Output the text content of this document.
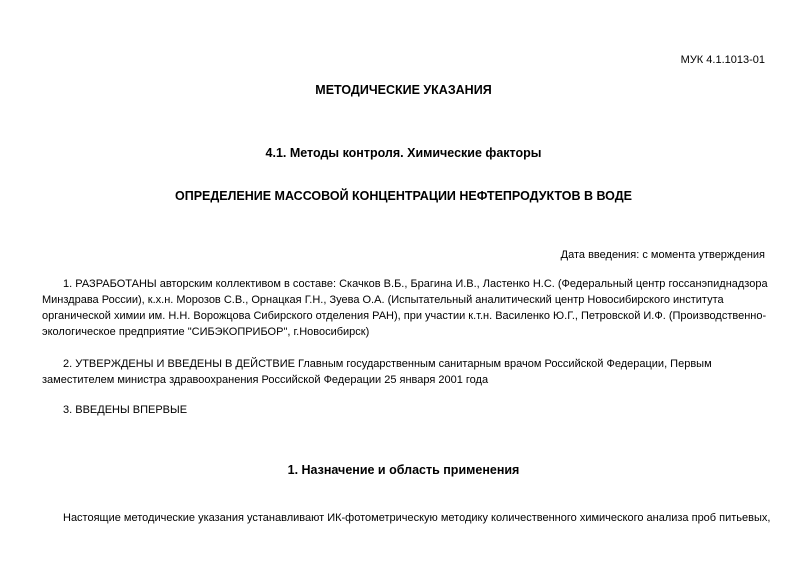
МУК 4.1.1013-01
МЕТОДИЧЕСКИЕ УКАЗАНИЯ
4.1. Методы контроля. Химические факторы
ОПРЕДЕЛЕНИЕ МАССОВОЙ КОНЦЕНТРАЦИИ НЕФТЕПРОДУКТОВ В ВОДЕ
Дата введения: с момента утверждения
1. РАЗРАБОТАНЫ авторским коллективом в составе: Скачков В.Б., Брагина И.В., Ластенко Н.С. (Федеральный центр госсанэпиднадзора
Минздрава России), к.х.н. Морозов С.В., Орнацкая Г.Н., Зуева О.А. (Испытательный аналитический центр Новосибирского института
органической химии им. Н.Н. Ворожцова Сибирского отделения РАН), при участии к.т.н. Василенко Ю.Г., Петровской И.Ф. (Производственно-
экологическое предприятие "СИБЭКОПРИБОР", г.Новосибирск)
2. УТВЕРЖДЕНЫ И ВВЕДЕНЫ В ДЕЙСТВИЕ Главным государственным санитарным врачом Российской Федерации, Первым
заместителем министра здравоохранения Российской Федерации 25 января 2001 года
3. ВВЕДЕНЫ ВПЕРВЫЕ
1. Назначение и область применения
Настоящие методические указания устанавливают ИК-фотометрическую методику количественного химического анализа проб питьевых,
